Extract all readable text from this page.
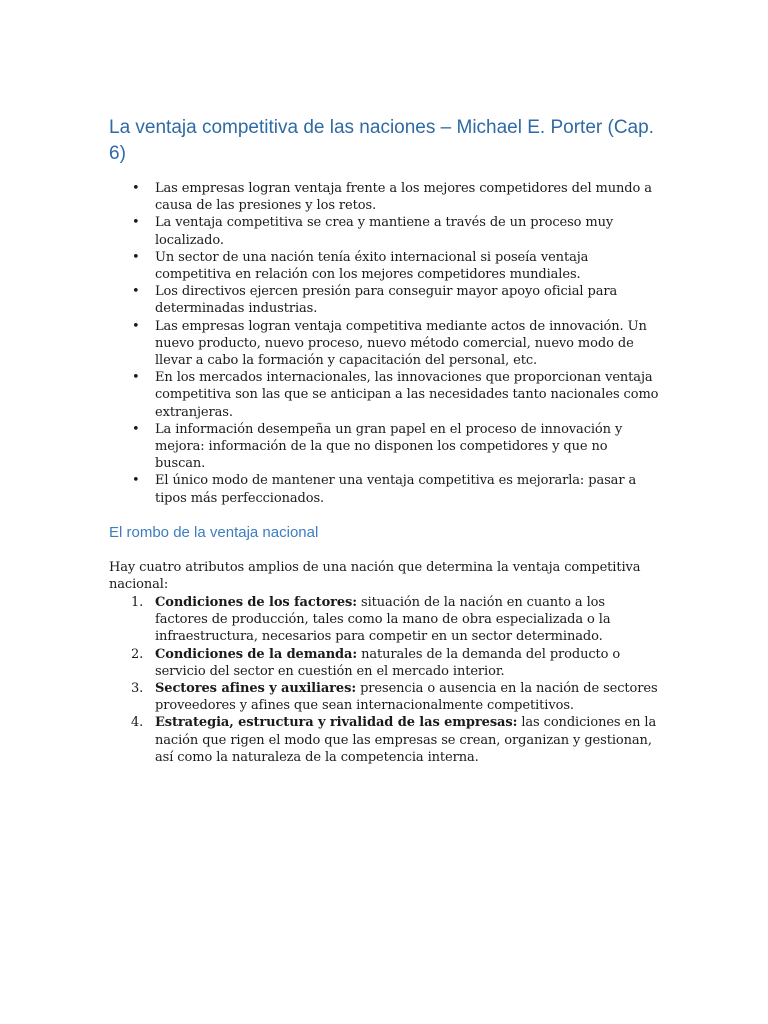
La ventaja competitiva de las naciones – Michael E. Porter (Cap. 6)
• Las empresas logran ventaja frente a los mejores competidores del mundo a causa de las presiones y los retos.
• La ventaja competitiva se crea y mantiene a través de un proceso muy localizado.
• Un sector de una nación tenía éxito internacional si poseía ventaja competitiva en relación con los mejores competidores mundiales.
• Los directivos ejercen presión para conseguir mayor apoyo oficial para determinadas industrias.
• Las empresas logran ventaja competitiva mediante actos de innovación. Un nuevo producto, nuevo proceso, nuevo método comercial, nuevo modo de llevar a cabo la formación y capacitación del personal, etc.
• En los mercados internacionales, las innovaciones que proporcionan ventaja competitiva son las que se anticipan a las necesidades tanto nacionales como extranjeras.
• La información desempeña un gran papel en el proceso de innovación y mejora: información de la que no disponen los competidores y que no buscan.
• El único modo de mantener una ventaja competitiva es mejorarla: pasar a tipos más perfeccionados.
El rombo de la ventaja nacional

Hay cuatro atributos amplios de una nación que determina la ventaja competitiva nacional:

1. Condiciones de los factores: situación de la nación en cuanto a los factores de producción, tales como la mano de obra especializada o la infraestructura, necesarios para competir en un sector determinado.
2. Condiciones de la demanda: naturales de la demanda del producto o servicio del sector en cuestión en el mercado interior.
3. Sectores afines y auxiliares: presencia o ausencia en la nación de sectores proveedores y afines que sean internacionalmente competitivos.
4. Estrategia, estructura y rivalidad de las empresas: las condiciones en la nación que rigen el modo que las empresas se crean, organizan y gestionan, así como la naturaleza de la competencia interna.
